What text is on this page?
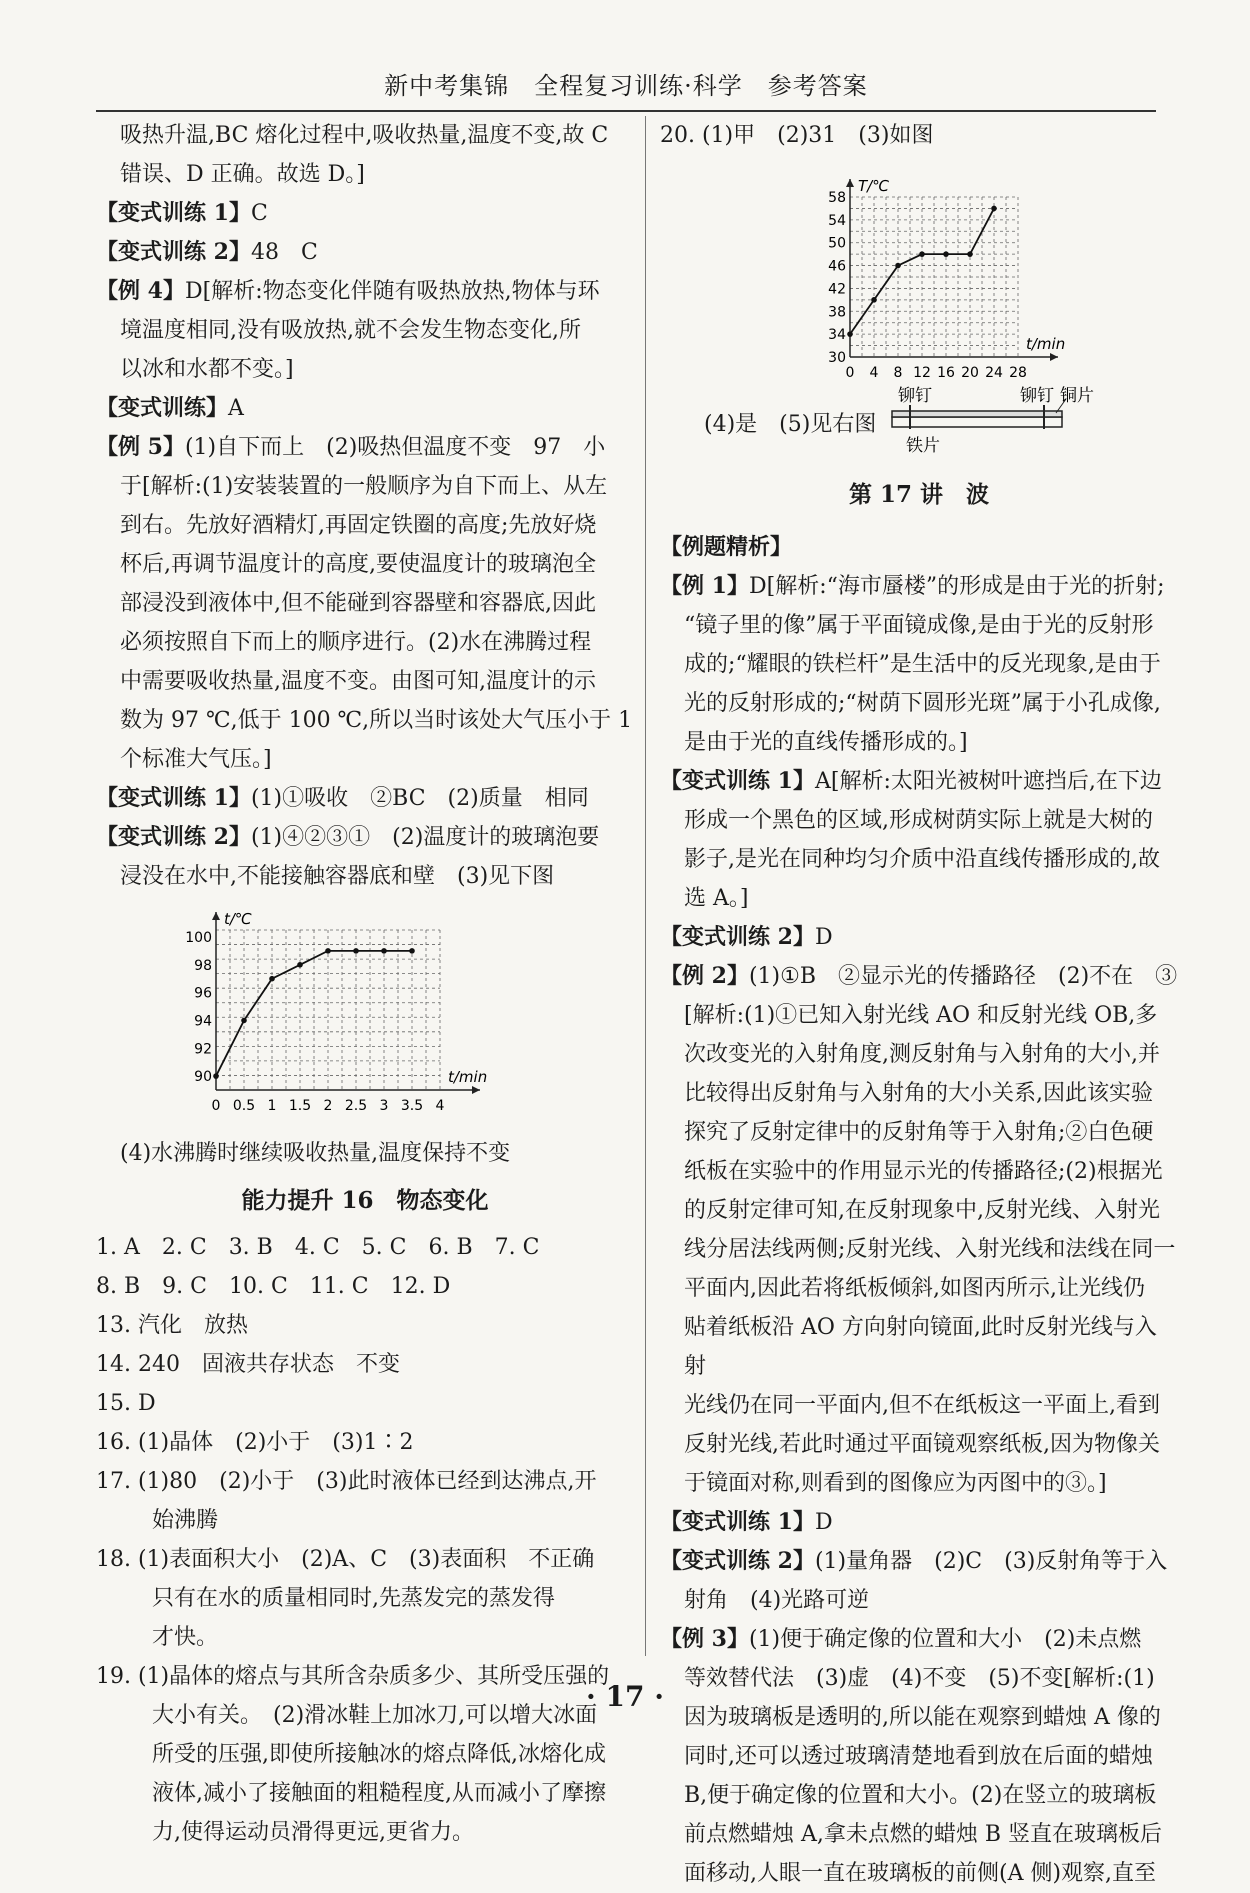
新中考集锦　全程复习训练·科学　参考答案

吸热升温,BC 熔化过程中,吸收热量,温度不变,故 C

错误、D 正确。故选 D。]

【变式训练 1】C

【变式训练 2】48　C

【例 4】D[解析:物态变化伴随有吸热放热,物体与环

境温度相同,没有吸放热,就不会发生物态变化,所

以冰和水都不变。]

【变式训练】A

【例 5】(1)自下而上　(2)吸热但温度不变　97　小

于[解析:(1)安装装置的一般顺序为自下而上、从左

到右。先放好酒精灯,再固定铁圈的高度;先放好烧

杯后,再调节温度计的高度,要使温度计的玻璃泡全

部浸没到液体中,但不能碰到容器壁和容器底,因此

必须按照自下而上的顺序进行。(2)水在沸腾过程

中需要吸收热量,温度不变。由图可知,温度计的示

数为 97 ℃,低于 100 ℃,所以当时该处大气压小于 1

个标准大气压。]

【变式训练 1】(1)①吸收　②BC　(2)质量　相同

【变式训练 2】(1)④②③①　(2)温度计的玻璃泡要

浸没在水中,不能接触容器底和壁　(3)见下图

0 0.5 1 1.5 2 2.5 3 3.5 4
90
92
94
96
98
100
t/min
t/℃

(4)水沸腾时继续吸收热量,温度保持不变

能力提升 16　物态变化

1. A　2. C　3. B　4. C　5. C　6. B　7. C

8. B　9. C　10. C　11. C　12. D

13. 汽化　放热

14. 240　固液共存状态　不变

15. D

16. (1)晶体　(2)小于　(3)1∶2

17. (1)80　(2)小于　(3)此时液体已经到达沸点,开

始沸腾

18. (1)表面积大小　(2)A、C　(3)表面积　不正确

只有在水的质量相同时,先蒸发完的蒸发得

才快。

19. (1)晶体的熔点与其所含杂质多少、其所受压强的

大小有关。　(2)滑冰鞋上加冰刀,可以增大冰面

所受的压强,即使所接触冰的熔点降低,冰熔化成

液体,减小了接触面的粗糙程度,从而减小了摩擦

力,使得运动员滑得更远,更省力。

20. (1)甲　(2)31　(3)如图

0 4 8 12 16 20 24 28
30
34
38
42
46
50
54
58
t/min
T/℃
(4)是　(5)见右图
铆钉	铆钉 铜片
铁片

第 17 讲　波

【例题精析】

【例 1】D[解析:“海市蜃楼”的形成是由于光的折射;

“镜子里的像”属于平面镜成像,是由于光的反射形

成的;“耀眼的铁栏杆”是生活中的反光现象,是由于

光的反射形成的;“树荫下圆形光斑”属于小孔成像,

是由于光的直线传播形成的。]

【变式训练 1】A[解析:太阳光被树叶遮挡后,在下边

形成一个黑色的区域,形成树荫实际上就是大树的

影子,是光在同种均匀介质中沿直线传播形成的,故

选 A。]

【变式训练 2】D

【例 2】(1)①B　②显示光的传播路径　(2)不在　③

[解析:(1)①已知入射光线 AO 和反射光线 OB,多

次改变光的入射角度,测反射角与入射角的大小,并

比较得出反射角与入射角的大小关系,因此该实验

探究了反射定律中的反射角等于入射角;②白色硬

纸板在实验中的作用显示光的传播路径;(2)根据光

的反射定律可知,在反射现象中,反射光线、入射光

线分居法线两侧;反射光线、入射光线和法线在同一

平面内,因此若将纸板倾斜,如图丙所示,让光线仍

贴着纸板沿 AO 方向射向镜面,此时反射光线与入射

光线仍在同一平面内,但不在纸板这一平面上,看到

反射光线,若此时通过平面镜观察纸板,因为物像关

于镜面对称,则看到的图像应为丙图中的③。]

【变式训练 1】D

【变式训练 2】(1)量角器　(2)C　(3)反射角等于入

射角　(4)光路可逆

【例 3】(1)便于确定像的位置和大小　(2)未点燃

等效替代法　(3)虚　(4)不变　(5)不变[解析:(1)

因为玻璃板是透明的,所以能在观察到蜡烛 A 像的

同时,还可以透过玻璃清楚地看到放在后面的蜡烛

B,便于确定像的位置和大小。(2)在竖立的玻璃板

前点燃蜡烛 A,拿未点燃的蜡烛 B 竖直在玻璃板后

面移动,人眼一直在玻璃板的前侧(A 侧)观察,直至

· 17 ·
